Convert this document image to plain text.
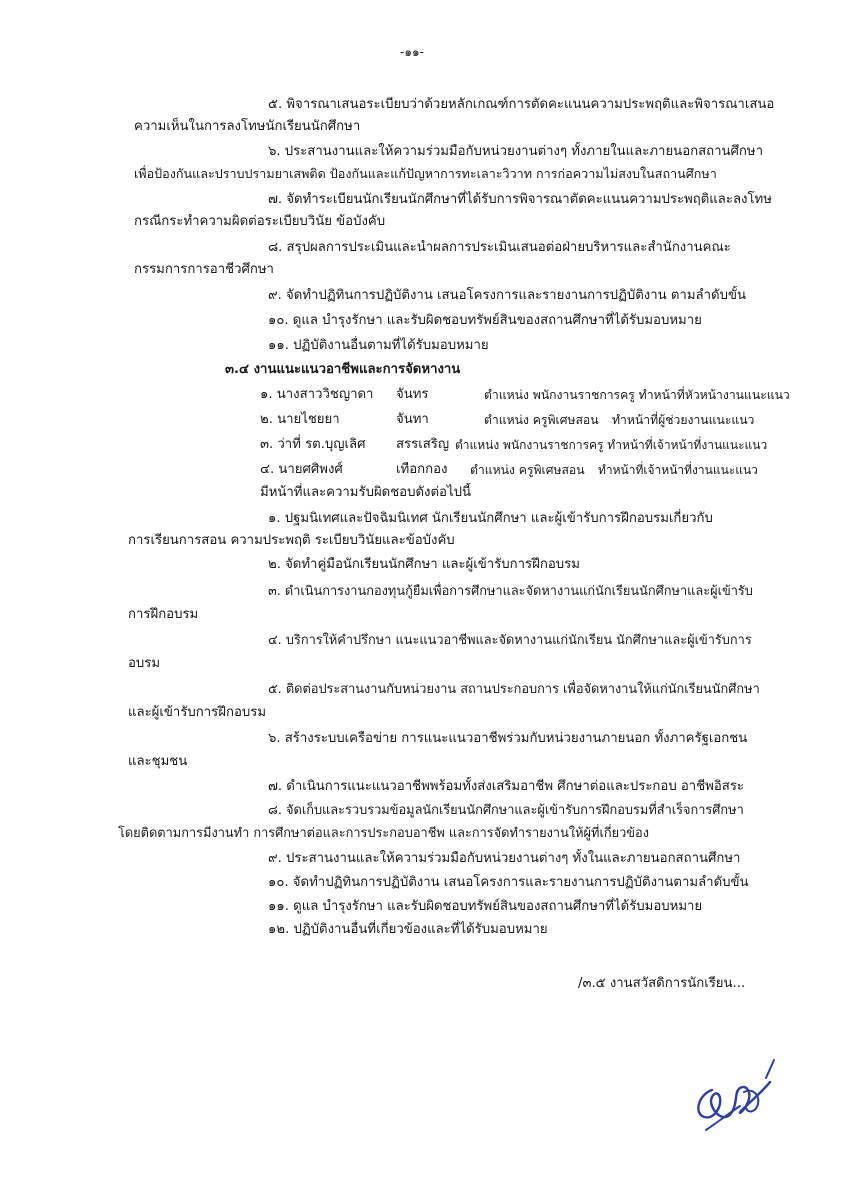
-๑๑-
๕. พิจารณาเสนอระเบียบว่าด้วยหลักเกณฑ์การตัดคะแนนความประพฤติและพิจารณาเสนอ
ความเห็นในการลงโทษนักเรียนนักศึกษา
๖. ประสานงานและให้ความร่วมมือกับหน่วยงานต่างๆ ทั้งภายในและภายนอกสถานศึกษา
เพื่อป้องกันและปราบปรามยาเสพติด ป้องกันและแก้ปัญหาการทะเลาะวิวาท การก่อความไม่สงบในสถานศึกษา
๗. จัดทำระเบียนนักเรียนนักศึกษาที่ได้รับการพิจารณาตัดคะแนนความประพฤติและลงโทษ
กรณีกระทำความผิดต่อระเบียบวินัย ข้อบังคับ
๘. สรุปผลการประเมินและนำผลการประเมินเสนอต่อฝ่ายบริหารและสำนักงานคณะ
กรรมการการอาชีวศึกษา
๙. จัดทำปฏิทินการปฏิบัติงาน เสนอโครงการและรายงานการปฏิบัติงาน ตามลำดับขั้น
๑๐. ดูแล บำรุงรักษา และรับผิดชอบทรัพย์สินของสถานศึกษาที่ได้รับมอบหมาย
๑๑. ปฏิบัติงานอื่นตามที่ได้รับมอบหมาย
๓.๔ งานแนะแนวอาชีพและการจัดหางาน
๑. นางสาววิชญาดา จันทร	ตำแหน่ง พนักงานราชการครู ทำหน้าที่หัวหน้างานแนะแนว
๒. นายไชยยา	จันทา	ตำแหน่ง ครูพิเศษสอน ทำหน้าที่ผู้ช่วยงานแนะแนว
๓. ว่าที่ รต.บุญเลิศ สรรเสริญ ตำแหน่ง พนักงานราชการครู ทำหน้าที่เจ้าหน้าที่งานแนะแนว
๔. นายศศิพงศ์	เทือกกอง ตำแหน่ง ครูพิเศษสอน ทำหน้าที่เจ้าหน้าที่งานแนะแนว
มีหน้าที่และความรับผิดชอบดังต่อไปนี้
๑. ปฐมนิเทศและปัจฉิมนิเทศ นักเรียนนักศึกษา และผู้เข้ารับการฝึกอบรมเกี่ยวกับ
การเรียนการสอน ความประพฤติ ระเบียบวินัยและข้อบังคับ
๒. จัดทำคู่มือนักเรียนนักศึกษา และผู้เข้ารับการฝึกอบรม
๓. ดำเนินการงานกองทุนกู้ยืมเพื่อการศึกษาและจัดหางานแก่นักเรียนนักศึกษาและผู้เข้ารับ
การฝึกอบรม
๔. บริการให้คำปรึกษา แนะแนวอาชีพและจัดหางานแก่นักเรียน นักศึกษาและผู้เข้ารับการ
อบรม
๕. ติดต่อประสานงานกับหน่วยงาน สถานประกอบการ เพื่อจัดหางานให้แก่นักเรียนนักศึกษา
และผู้เข้ารับการฝึกอบรม
๖. สร้างระบบเครือข่าย การแนะแนวอาชีพร่วมกับหน่วยงานภายนอก ทั้งภาครัฐเอกชน
และชุมชน
๗. ดำเนินการแนะแนวอาชีพพร้อมทั้งส่งเสริมอาชีพ ศึกษาต่อและประกอบ อาชีพอิสระ
๘. จัดเก็บและรวบรวมข้อมูลนักเรียนนักศึกษาและผู้เข้ารับการฝึกอบรมที่สำเร็จการศึกษา
โดยติดตามการมีงานทำ การศึกษาต่อและการประกอบอาชีพ และการจัดทำรายงานให้ผู้ที่เกี่ยวข้อง
๙. ประสานงานและให้ความร่วมมือกับหน่วยงานต่างๆ ทั้งในและภายนอกสถานศึกษา
๑๐. จัดทำปฏิทินการปฏิบัติงาน เสนอโครงการและรายงานการปฏิบัติงานตามลำดับขั้น
๑๑. ดูแล บำรุงรักษา และรับผิดชอบทรัพย์สินของสถานศึกษาที่ได้รับมอบหมาย
๑๒. ปฏิบัติงานอื่นที่เกี่ยวข้องและที่ได้รับมอบหมาย
/๓.๕ งานสวัสดิการนักเรียน...
